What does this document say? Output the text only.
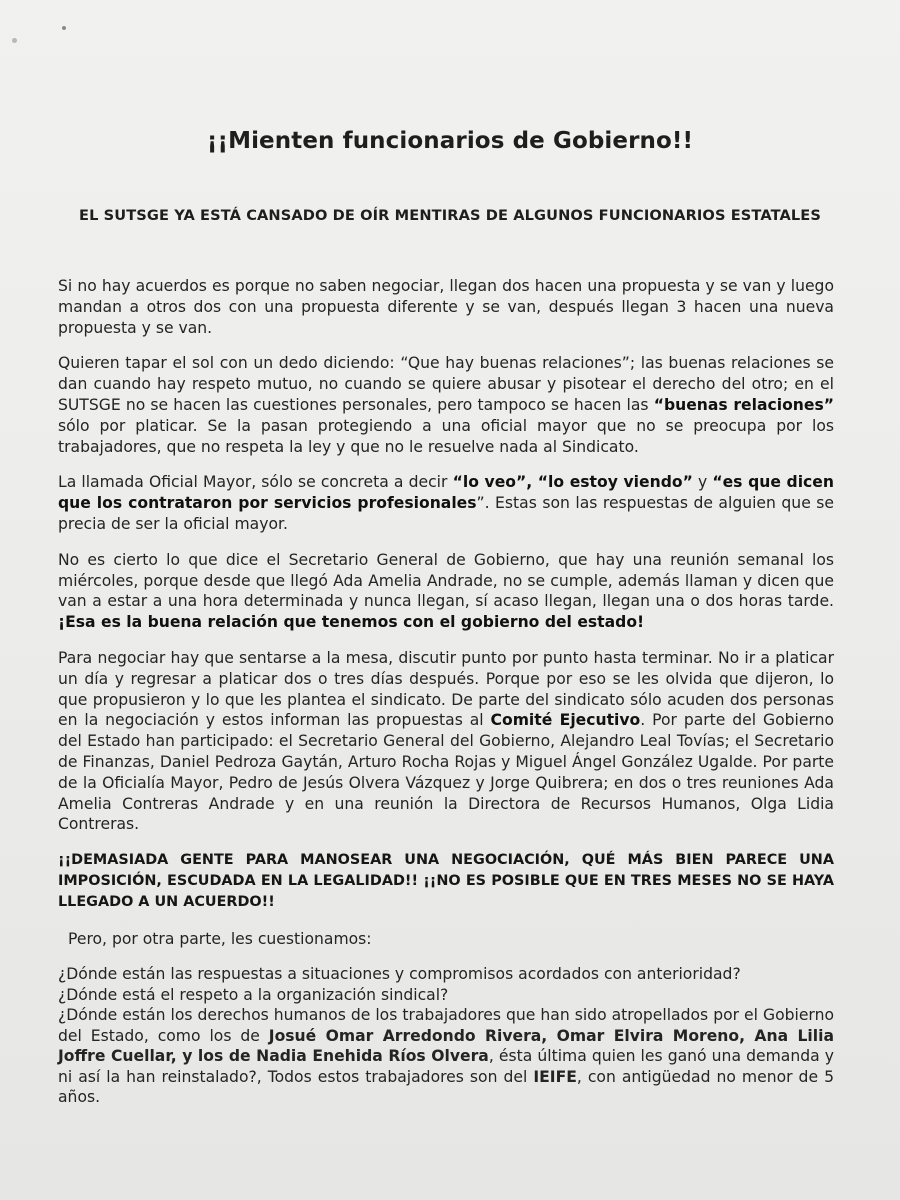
¡¡Mienten funcionarios de Gobierno!!
EL SUTSGE YA ESTÁ CANSADO DE OÍR MENTIRAS DE ALGUNOS FUNCIONARIOS ESTATALES

Si no hay acuerdos es porque no saben negociar, llegan dos hacen una propuesta y se van y luego mandan a otros dos con una propuesta diferente y se van, después llegan 3 hacen una nueva propuesta y se van.

Quieren tapar el sol con un dedo diciendo: “Que hay buenas relaciones”; las buenas relaciones se dan cuando hay respeto mutuo, no cuando se quiere abusar y pisotear el derecho del otro; en el SUTSGE no se hacen las cuestiones personales, pero tampoco se hacen las “buenas relaciones” sólo por platicar. Se la pasan protegiendo a una oficial mayor que no se preocupa por los trabajadores, que no respeta la ley y que no le resuelve nada al Sindicato.

La llamada Oficial Mayor, sólo se concreta a decir “lo veo”, “lo estoy viendo” y “es que dicen que los contrataron por servicios profesionales”. Estas son las respuestas de alguien que se precia de ser la oficial mayor.

No es cierto lo que dice el Secretario General de Gobierno, que hay una reunión semanal los miércoles, porque desde que llegó Ada Amelia Andrade, no se cumple, además llaman y dicen que van a estar a una hora determinada y nunca llegan, sí acaso llegan, llegan una o dos horas tarde. ¡Esa es la buena relación que tenemos con el gobierno del estado!

Para negociar hay que sentarse a la mesa, discutir punto por punto hasta terminar. No ir a platicar un día y regresar a platicar dos o tres días después. Porque por eso se les olvida que dijeron, lo que propusieron y lo que les plantea el sindicato. De parte del sindicato sólo acuden dos personas en la negociación y estos informan las propuestas al Comité Ejecutivo. Por parte del Gobierno del Estado han participado: el Secretario General del Gobierno, Alejandro Leal Tovías; el Secretario de Finanzas, Daniel Pedroza Gaytán, Arturo Rocha Rojas y Miguel Ángel González Ugalde. Por parte de la Oficialía Mayor, Pedro de Jesús Olvera Vázquez y Jorge Quibrera; en dos o tres reuniones Ada Amelia Contreras Andrade y en una reunión la Directora de Recursos Humanos, Olga Lidia Contreras.

¡¡DEMASIADA GENTE PARA MANOSEAR UNA NEGOCIACIÓN, QUÉ MÁS BIEN PARECE UNA IMPOSICIÓN, ESCUDADA EN LA LEGALIDAD!! ¡¡NO ES POSIBLE QUE EN TRES MESES NO SE HAYA LLEGADO A UN ACUERDO!!

Pero, por otra parte, les cuestionamos:

¿Dónde están las respuestas a situaciones y compromisos acordados con anterioridad?
¿Dónde está el respeto a la organización sindical?
¿Dónde están los derechos humanos de los trabajadores que han sido atropellados por el Gobierno del Estado, como los de Josué Omar Arredondo Rivera, Omar Elvira Moreno, Ana Lilia Joffre Cuellar, y los de Nadia Enehida Ríos Olvera, ésta última quien les ganó una demanda y ni así la han reinstalado?, Todos estos trabajadores son del IEIFE, con antigüedad no menor de 5 años.
